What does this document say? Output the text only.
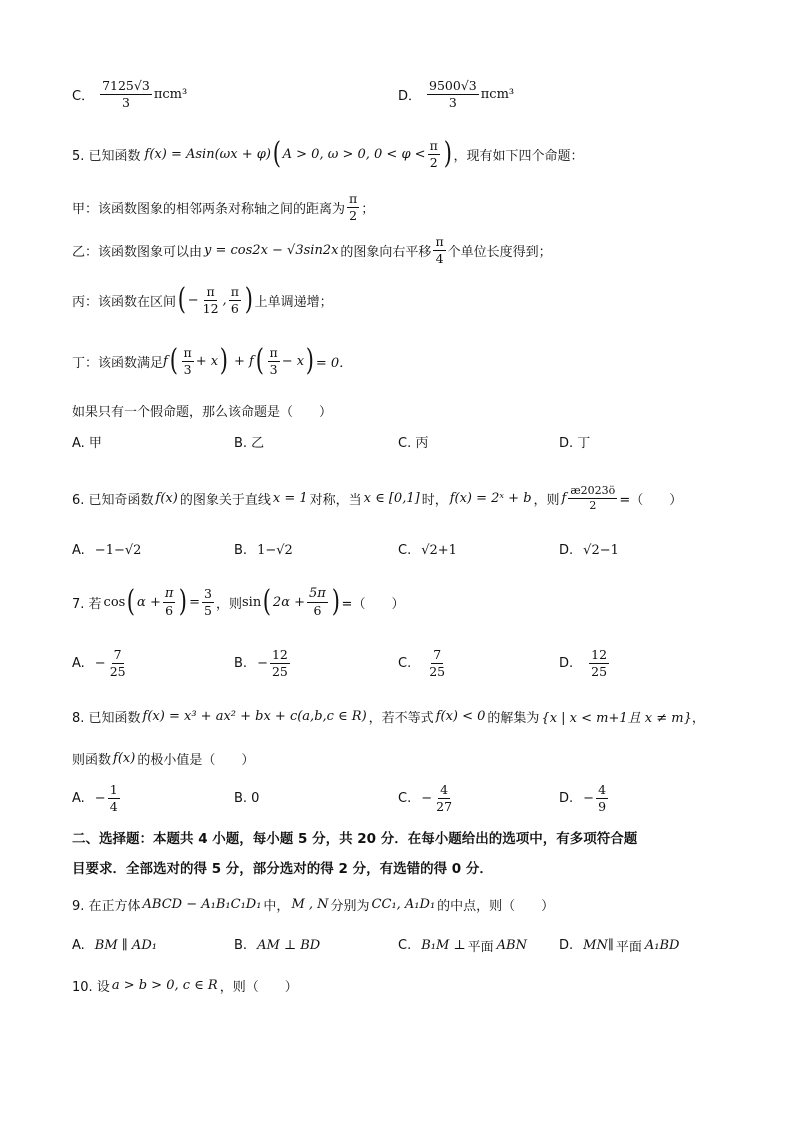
C． $\frac{7125√3}{3} \pi cm^3$	D． $\frac{9500√3}{3} \pi cm^3$
5. 已知函数 f(x) = Asin(ωx + φ) ( A > 0, ω > 0, $0 < \varphi < \frac{\pi}{2}$ ) ，现有如下四个命题：
甲：该函数图象的相邻两条对称轴之间的距离为 $\frac{\pi}{2}$ ；
乙：该函数图象可以由 y = cos2x − √3sin2x 的图象向右平移 $\frac{\pi}{4}$ 个单位长度得到；
丙：该函数在区间 ( − $\frac{\pi}{12}$ , $\frac{\pi}{6}$ ) 上单调递增；
丁：该函数满足 f ( $\frac{\pi}{3} + x$ ) + f ( $\frac{\pi}{3} - x$ ) = 0．
如果只有一个假命题，那么该命题是（　　）
A. 甲	B. 乙	C. 丙	D. 丁
6. 已知奇函数 f(x) 的图象关于直线 x = 1 对称，当 x ∈ [0,1] 时， f(x) = 2ˣ + b ，则 f $\frac{æ2023ö}{2}$ =（　　）
A. −1−√2	B. 1−√2	C. √2+1	D. √2−1
7. 若 cos ( $\alpha + \frac{\pi}{6}$ ) = $\frac{3}{5}$ ，则 sin ( $2\alpha + \frac{5\pi}{6}$ ) =（　　）
A. − $\frac{7}{25}$	B. − $\frac{12}{25}$	C. $\frac{7}{25}$	D. $\frac{12}{25}$
8. 已知函数 f(x) = x³ + ax² + bx + c(a,b,c ∈ R) ，若不等式 f(x) < 0 的解集为 {x | x < m+1且 x ≠ m} ，
则函数 f(x) 的极小值是（　　）
A. − $\frac{1}{4}$	B. 0	C. − $\frac{4}{27}$	D. − $\frac{4}{9}$
二、选择题：本题共 4 小题，每小题 5 分，共 20 分．在每小题给出的选项中，有多项符合题
目要求．全部选对的得 5 分，部分选对的得 2 分，有选错的得 0 分．
9. 在正方体 ABCD − A₁B₁C₁D₁ 中， M , N 分别为 CC₁, A₁D₁ 的中点，则（　　）
A. BM ∥ AD₁	B. AM ⊥ BD	C. B₁M ⊥ 平面 ABN D. MN∥ 平面 A₁BD
10. 设 a > b > 0, c ∈ R ，则（　　）
